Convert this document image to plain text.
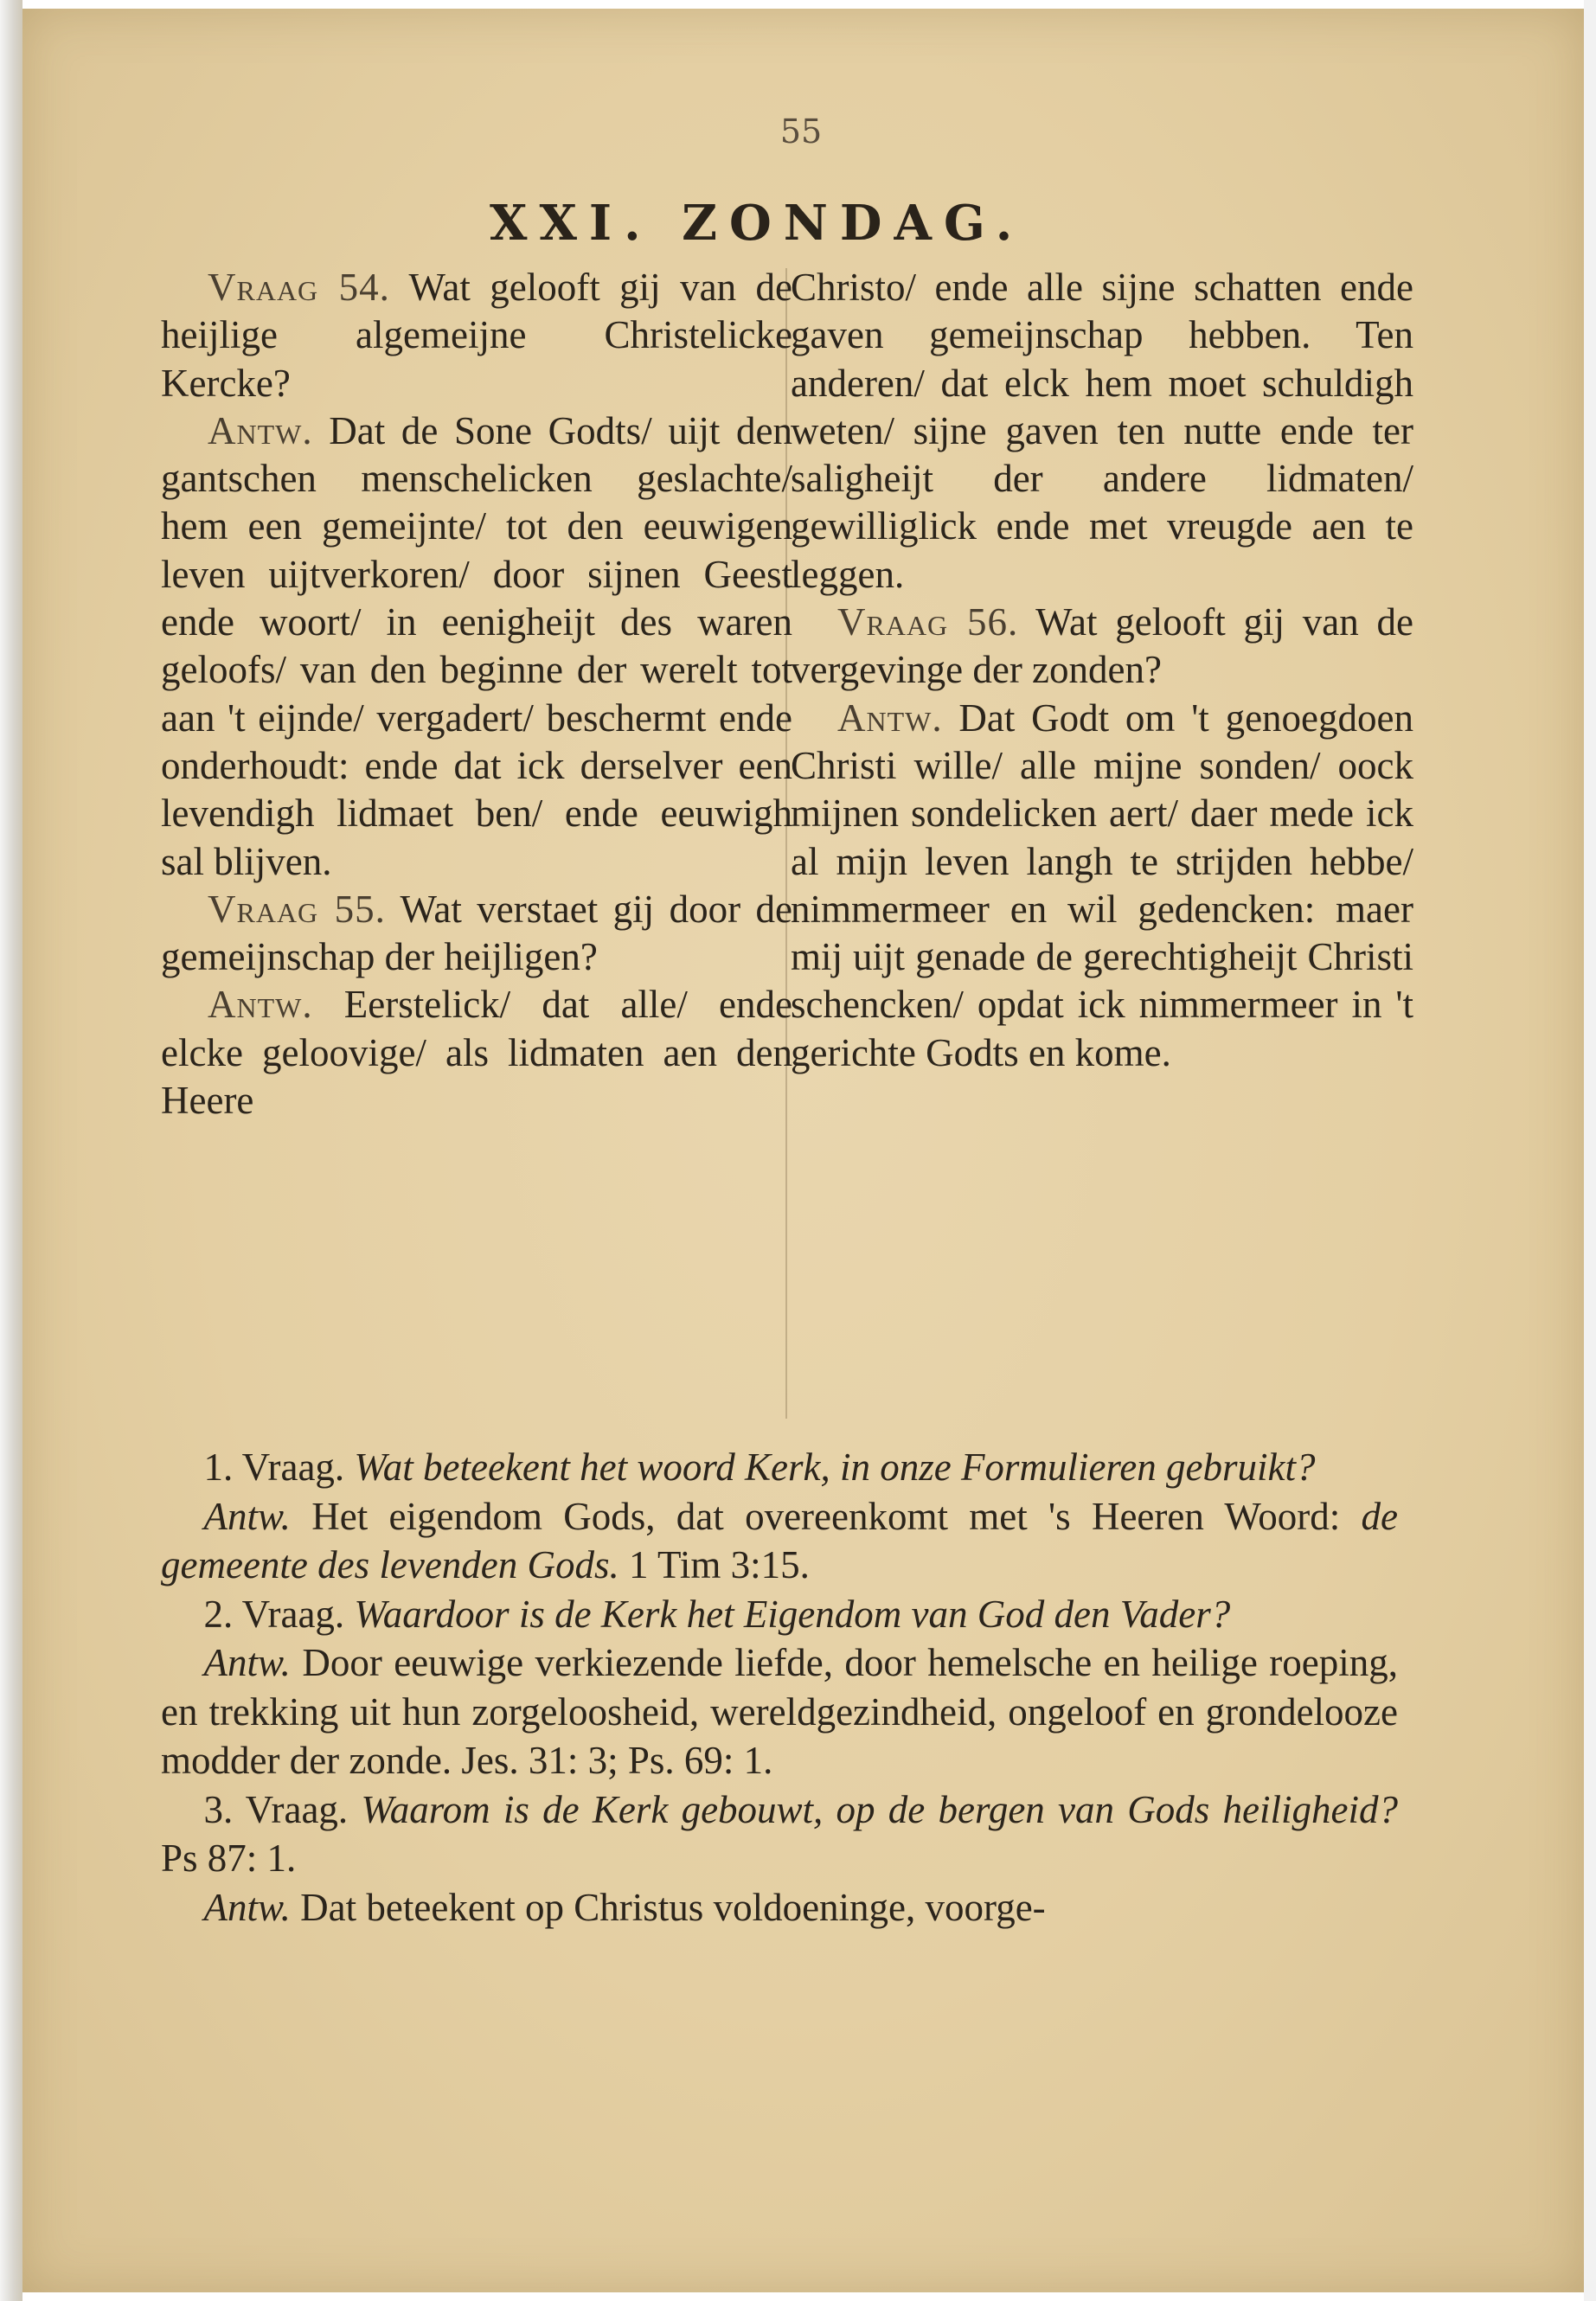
55
XXI. ZONDAG.

Vraag 54. Wat gelooft gij van de heijlige algemeijne Christelicke Kercke?

Antw. Dat de Sone Godts/ uijt den gantschen menschelicken geslachte/ hem een gemeijnte/ tot den eeuwigen leven uijtverkoren/ door sijnen Geest ende woort/ in eenigheijt des waren geloofs/ van den beginne der werelt tot aan 't eijnde/ vergadert/ beschermt ende onderhoudt: ende dat ick derselver een levendigh lidmaet ben/ ende eeuwigh sal blijven.

Vraag 55. Wat verstaet gij door de gemeijnschap der heijligen?

Antw. Eerstelick/ dat alle/ ende elcke geloovige/ als lidmaten aen den Heere

Christo/ ende alle sijne schatten ende gaven gemeijnschap hebben. Ten anderen/ dat elck hem moet schuldigh weten/ sijne gaven ten nutte ende ter saligheijt der andere lidmaten/ gewilliglick ende met vreugde aen te leggen.

Vraag 56. Wat gelooft gij van de vergevinge der zonden?

Antw. Dat Godt om 't genoegdoen Christi wille/ alle mijne sonden/ oock mijnen sondelicken aert/ daer mede ick al mijn leven langh te strijden hebbe/ nimmermeer en wil gedencken: maer mij uijt genade de gerechtigheijt Christi schencken/ opdat ick nimmermeer in 't gerichte Godts en kome.

1. Vraag. Wat beteekent het woord Kerk, in onze Formulieren gebruikt?

Antw. Het eigendom Gods, dat overeenkomt met 's Heeren Woord: de gemeente des levenden Gods. 1 Tim 3:15.

2. Vraag. Waardoor is de Kerk het Eigendom van God den Vader?

Antw. Door eeuwige verkiezende liefde, door hemelsche en heilige roeping, en trekking uit hun zorgeloosheid, wereldgezindheid, ongeloof en grondelooze modder der zonde. Jes. 31: 3; Ps. 69: 1.

3. Vraag. Waarom is de Kerk gebouwt, op de bergen van Gods heiligheid? Ps 87: 1.

Antw. Dat beteekent op Christus voldoeninge, voorge-
